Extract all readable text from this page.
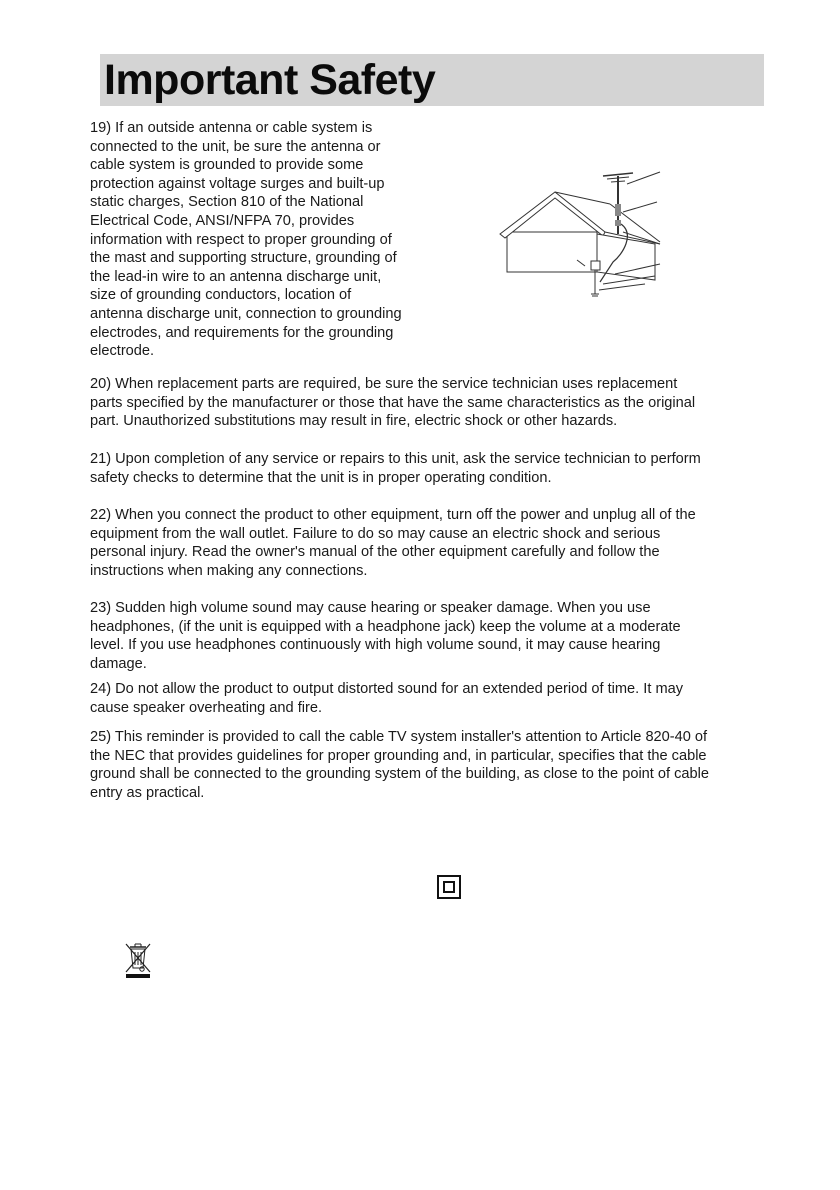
Important Safety

19) If an outside antenna or cable system is
connected to the unit, be sure the antenna or
cable system is grounded to provide some
protection against voltage surges and built-up
static charges, Section 810 of the National
Electrical Code, ANSI/NFPA 70, provides
information with respect to proper grounding of
the mast and supporting structure, grounding of
the lead-in wire to an antenna discharge unit,
size of grounding conductors, location of
antenna discharge unit, connection to grounding
electrodes, and requirements for the grounding
electrode.

20) When replacement parts are required, be sure the service technician uses replacement
parts specified by the manufacturer or those that have the same characteristics as the original
part. Unauthorized substitutions may result in fire, electric shock or other hazards.

21) Upon completion of any service or repairs to this unit, ask the service technician to perform
safety checks to determine that the unit is in proper operating condition.

22) When you connect the product to other equipment, turn off the power and unplug all of the
equipment from the wall outlet. Failure to do so may cause an electric shock and serious
personal injury. Read the owner's manual of the other equipment carefully and follow the
instructions when making any connections.

23) Sudden high volume sound may cause hearing or speaker damage. When you use
headphones, (if the unit is equipped with a headphone jack) keep the volume at a moderate
level. If you use headphones continuously with high volume sound, it may cause hearing
damage.

24) Do not allow the product to output distorted sound for an extended period of time. It may
cause speaker overheating and fire.

25) This reminder is provided to call the cable TV system installer's attention to Article 820-40 of
the NEC that provides guidelines for proper grounding and, in particular, specifies that the cable
ground shall be connected to the grounding system of the building, as close to the point of cable
entry as practical.
